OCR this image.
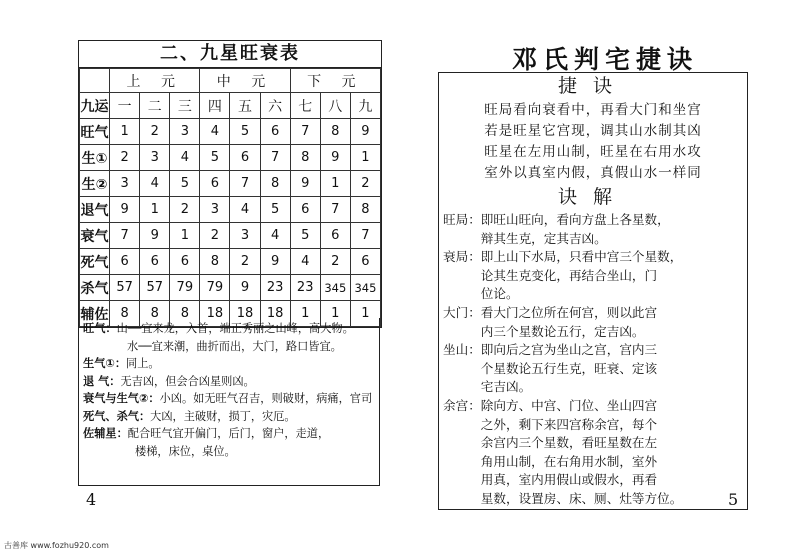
二、九星旺衰表
	上 元			中 元			下 元		
九运	一	二	三	四	五	六	七	八	九
旺气	1	2	3	4	5	6	7	8	9
生①	2	3	4	5	6	7	8	9	1
生②	3	4	5	6	7	8	9	1	2
退气	9	1	2	3	4	5	6	7	8
衰气	7	9	1	2	3	4	5	6	7
死气	6	6	6	8	2	9	4	2	6
杀气	57	57	79	79	9	23	23	345	345
辅佐	8	8	8	18	18	18	1	1	1
旺气：山──宜来龙，入首，端正秀丽之山峰，高大物。
水──宜来潮，曲折而出，大门，路口皆宜。
生气①：同上。
退 气：无吉凶，但会合凶星则凶。
衰气与生气②：小凶。如无旺气召吉，则破财，病痛，官司
死气、杀气：大凶，主破财，损丁，灾厄。
佐辅星：配合旺气宜开偏门，后门，窗户，走道，
楼梯，床位，桌位。
4
邓氏判宅捷诀
捷诀
旺局看向衰看中，再看大门和坐宫
若是旺星它宫现，调其山水制其凶
旺星在左用山制，旺星在右用水攻
室外以真室内假，真假山水一样同
诀解
旺局： 即旺山旺向，看向方盘上各星数，
辩其生克，定其吉凶。
衰局： 即上山下水局，只看中宫三个星数，
论其生克变化，再结合坐山，门
位论。
大门： 看大门之位所在何宫，则以此宫
内三个星数论五行，定吉凶。
坐山： 即向后之宫为坐山之宫，宫内三
个星数论五行生克，旺衰、定该
宅吉凶。
余宫： 除向方、中宫、门位、坐山四宫
之外，剩下来四宫称余宫，每个
余宫内三个星数，看旺星数在左
角用山制，在右角用水制，室外
用真，室内用假山或假水，再看
星数，设置房、床、厕、灶等方位。	5
古善库 www.fozhu920.com
